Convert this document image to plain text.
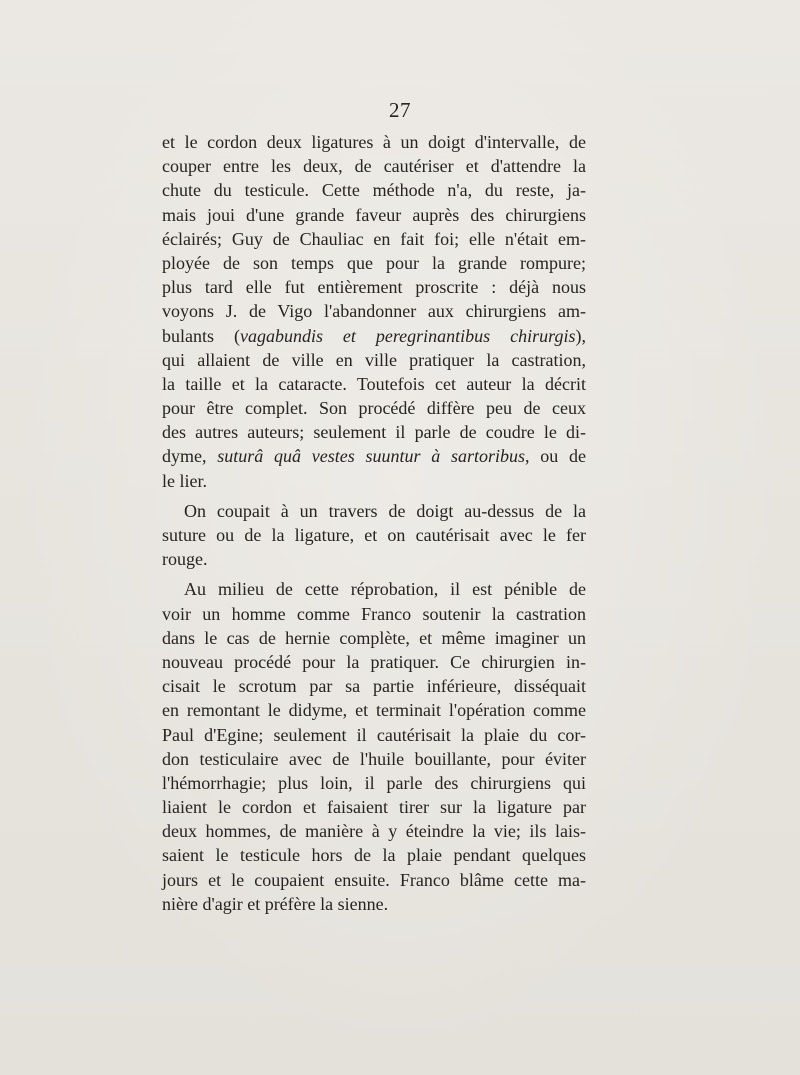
27
et le cordon deux ligatures à un doigt d'intervalle, de
couper entre les deux, de cautériser et d'attendre la
chute du testicule. Cette méthode n'a, du reste, ja-
mais joui d'une grande faveur auprès des chirurgiens
éclairés; Guy de Chauliac en fait foi; elle n'était em-
ployée de son temps que pour la grande rompure;
plus tard elle fut entièrement proscrite : déjà nous
voyons J. de Vigo l'abandonner aux chirurgiens am-
bulants (vagabundis et peregrinantibus chirurgis),
qui allaient de ville en ville pratiquer la castration,
la taille et la cataracte. Toutefois cet auteur la décrit
pour être complet. Son procédé diffère peu de ceux
des autres auteurs; seulement il parle de coudre le di-
dyme, suturâ quâ vestes suuntur à sartoribus, ou de
le lier.
On coupait à un travers de doigt au-dessus de la
suture ou de la ligature, et on cautérisait avec le fer
rouge.
Au milieu de cette réprobation, il est pénible de
voir un homme comme Franco soutenir la castration
dans le cas de hernie complète, et même imaginer un
nouveau procédé pour la pratiquer. Ce chirurgien in-
cisait le scrotum par sa partie inférieure, disséquait
en remontant le didyme, et terminait l'opération comme
Paul d'Egine; seulement il cautérisait la plaie du cor-
don testiculaire avec de l'huile bouillante, pour éviter
l'hémorrhagie; plus loin, il parle des chirurgiens qui
liaient le cordon et faisaient tirer sur la ligature par
deux hommes, de manière à y éteindre la vie; ils lais-
saient le testicule hors de la plaie pendant quelques
jours et le coupaient ensuite. Franco blâme cette ma-
nière d'agir et préfère la sienne.
